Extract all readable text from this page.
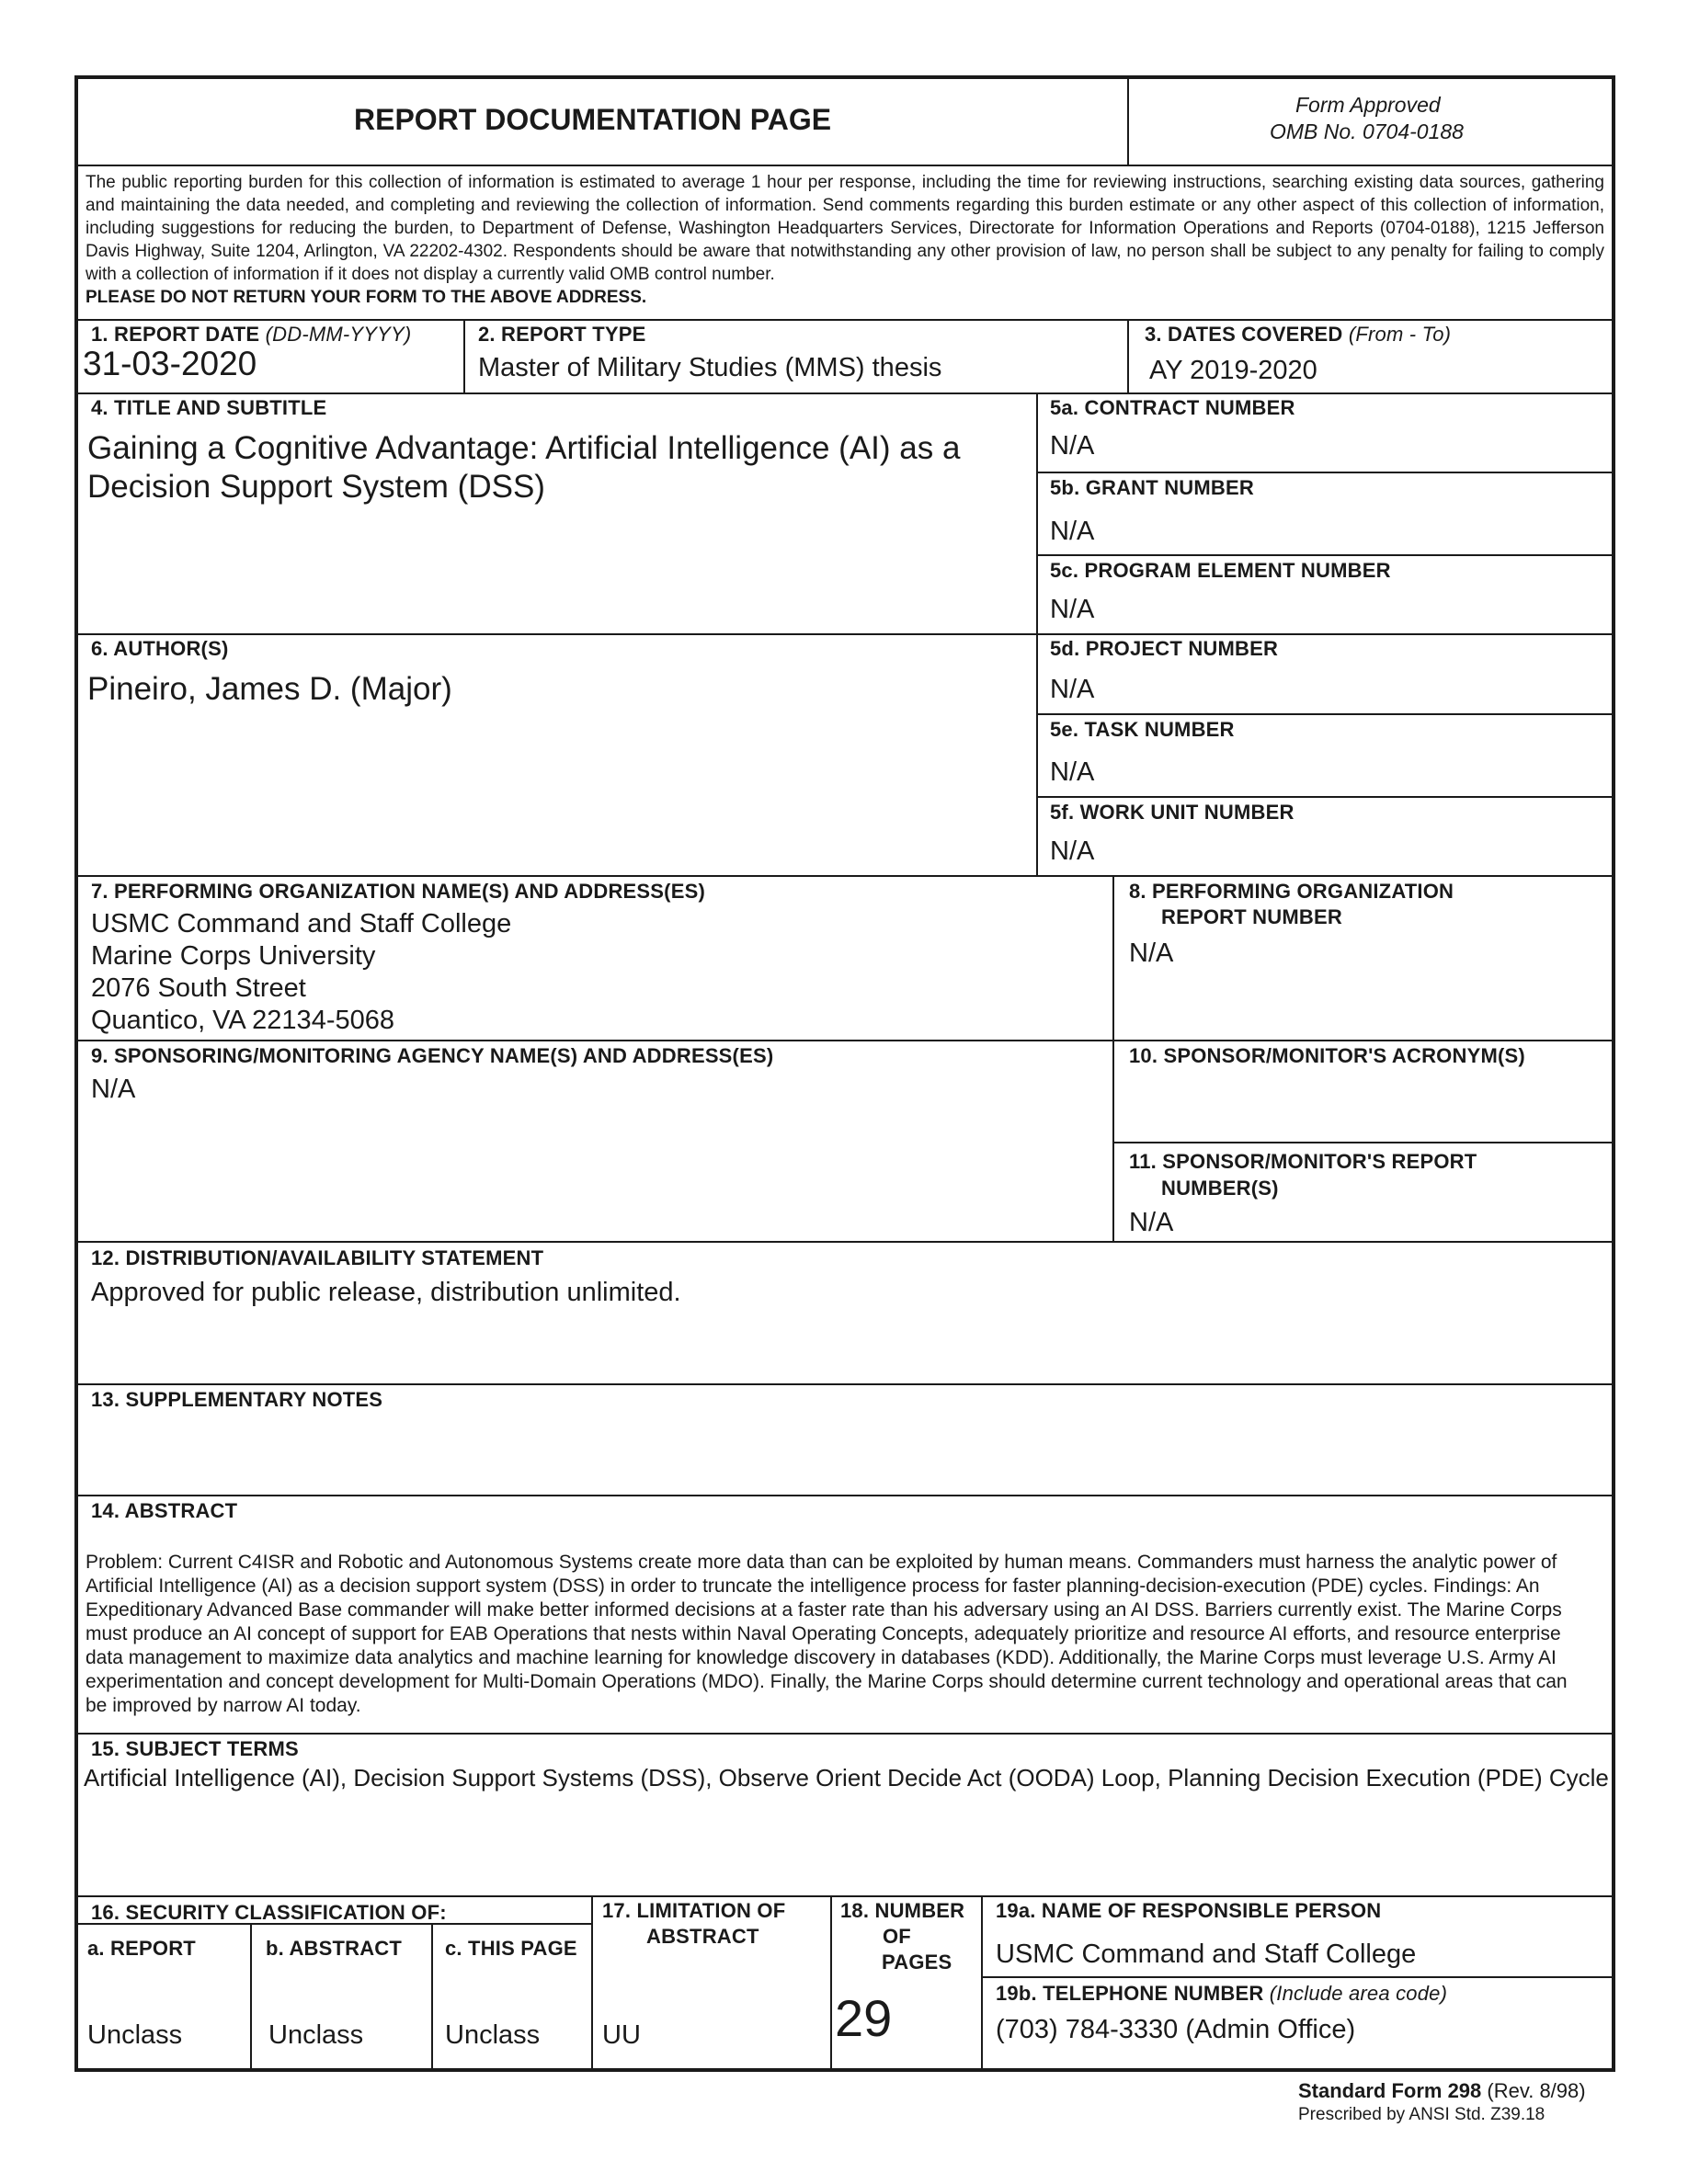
REPORT DOCUMENTATION PAGE	Form Approved
OMB No. 0704-0188
The public reporting burden for this collection of information is estimated to average 1 hour per response, including the time for reviewing instructions, searching existing data sources, gathering and maintaining the data needed, and completing and reviewing the collection of information. Send comments regarding this burden estimate or any other aspect of this collection of information, including suggestions for reducing the burden, to Department of Defense, Washington Headquarters Services, Directorate for Information Operations and Reports (0704-0188), 1215 Jefferson Davis Highway, Suite 1204, Arlington, VA 22202-4302. Respondents should be aware that notwithstanding any other provision of law, no person shall be subject to any penalty for failing to comply with a collection of information if it does not display a currently valid OMB control number.
PLEASE DO NOT RETURN YOUR FORM TO THE ABOVE ADDRESS.
1. REPORT DATE (DD-MM-YYYY)
31-03-2020
2. REPORT TYPE
Master of Military Studies (MMS) thesis
3. DATES COVERED (From - To)
AY 2019-2020
4. TITLE AND SUBTITLE
Gaining a Cognitive Advantage: Artificial Intelligence (AI) as a
Decision Support System (DSS)
5a. CONTRACT NUMBER
N/A
5b. GRANT NUMBER
N/A
5c. PROGRAM ELEMENT NUMBER
N/A
6. AUTHOR(S)
Pineiro, James D. (Major)
5d. PROJECT NUMBER
N/A
5e. TASK NUMBER
N/A
5f. WORK UNIT NUMBER
N/A
7. PERFORMING ORGANIZATION NAME(S) AND ADDRESS(ES)
USMC Command and Staff College
Marine Corps University
2076 South Street
Quantico, VA 22134-5068
8. PERFORMING ORGANIZATION
REPORT NUMBER
N/A
9. SPONSORING/MONITORING AGENCY NAME(S) AND ADDRESS(ES)
N/A
10. SPONSOR/MONITOR'S ACRONYM(S)
11. SPONSOR/MONITOR'S REPORT
NUMBER(S)
N/A
12. DISTRIBUTION/AVAILABILITY STATEMENT
Approved for public release, distribution unlimited.
13. SUPPLEMENTARY NOTES
14. ABSTRACT
Problem: Current C4ISR and Robotic and Autonomous Systems create more data than can be exploited by human means. Commanders must harness the analytic power of Artificial Intelligence (AI) as a decision support system (DSS) in order to truncate the intelligence process for faster planning-decision-execution (PDE) cycles. Findings: An Expeditionary Advanced Base commander will make better informed decisions at a faster rate than his adversary using an AI DSS. Barriers currently exist. The Marine Corps must produce an AI concept of support for EAB Operations that nests within Naval Operating Concepts, adequately prioritize and resource AI efforts, and resource enterprise data management to maximize data analytics and machine learning for knowledge discovery in databases (KDD). Additionally, the Marine Corps must leverage U.S. Army AI experimentation and concept development for Multi-Domain Operations (MDO). Finally, the Marine Corps should determine current technology and operational areas that can be improved by narrow AI today.
15. SUBJECT TERMS
Artificial Intelligence (AI), Decision Support Systems (DSS), Observe Orient Decide Act (OODA) Loop, Planning Decision Execution (PDE) Cycle
16. SECURITY CLASSIFICATION OF:
a. REPORT	b. ABSTRACT c. THIS PAGE
Unclass	Unclass	Unclass
17. LIMITATION OF
ABSTRACT
UU
18. NUMBER
OF
PAGES
29
19a. NAME OF RESPONSIBLE PERSON
USMC Command and Staff College
19b. TELEPHONE NUMBER (Include area code)
(703) 784-3330 (Admin Office)
Standard Form 298 (Rev. 8/98)
Prescribed by ANSI Std. Z39.18
